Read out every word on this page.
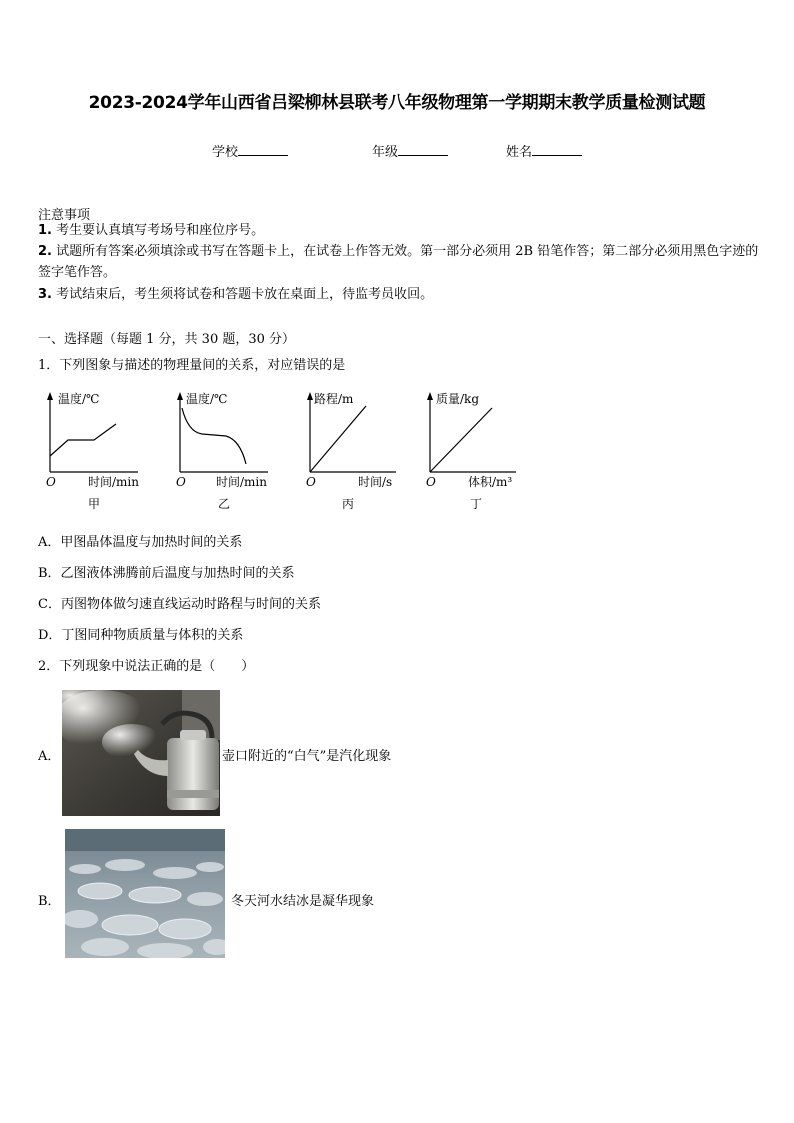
2023-2024学年山西省吕梁柳林县联考八年级物理第一学期期末教学质量检测试题
学校	年级	姓名
注意事项
1. 考生要认真填写考场号和座位序号。
2. 试题所有答案必须填涂或书写在答题卡上，在试卷上作答无效。第一部分必须用 2B 铅笔作答；第二部分必须用黑色字迹的签字笔作答。
3. 考试结束后，考生须将试卷和答题卡放在桌面上，待监考员收回。
一、选择题（每题 1 分，共 30 题，30 分）
1．下列图象与描述的物理量间的关系，对应错误的是
温度/℃
O	时间/min
甲
温度/℃
O	时间/min
乙
路程/m
O	时间/s
丙
质量/kg
O	体积/m³
丁
A．甲图晶体温度与加热时间的关系
B．乙图液体沸腾前后温度与加热时间的关系
C．丙图物体做匀速直线运动时路程与时间的关系
D．丁图同种物质质量与体积的关系
2．下列现象中说法正确的是（　　）
A．	壶口附近的“白气”是汽化现象
B．	冬天河水结冰是凝华现象
